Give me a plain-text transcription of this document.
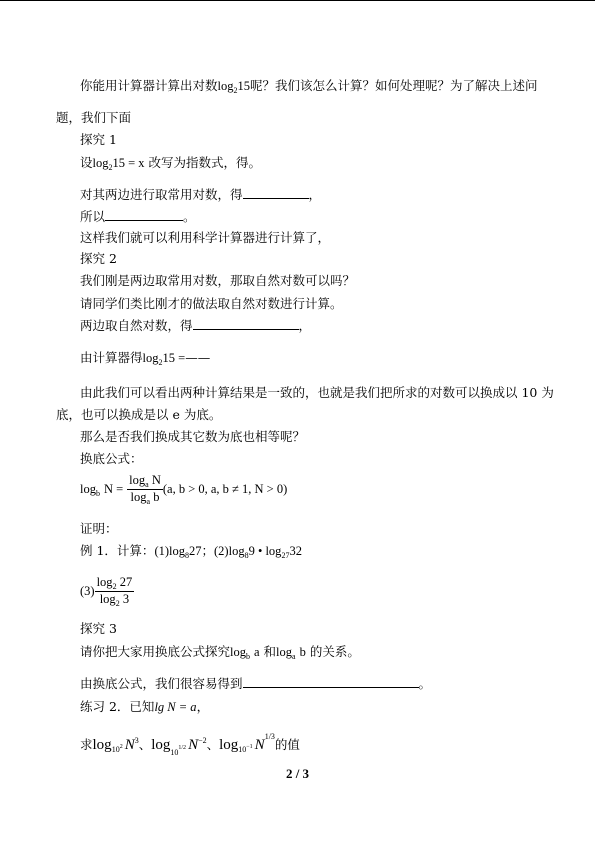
你能用计算器计算出对数$\log_215$呢？我们该怎么计算？如何处理呢？为了解决上述问
题，我们下面
探究 1
设$\log_215 = x$ 改写为指数式，得。
对其两边进行取常用对数，得	，
所以	。
这样我们就可以利用科学计算器进行计算了，
探究 2
我们刚是两边取常用对数，那取自然对数可以吗？
请同学们类比刚才的做法取自然对数进行计算。
两边取自然对数，得	，
由计算器得$\log_215$ =——
由此我们可以看出两种计算结果是一致的，也就是我们把所求的对数可以换成以 10 为
底，也可以换成是以 e 为底。
那么是否我们换成其它数为底也相等呢？
换底公式：
$\log_b N = \frac{\log_a N}{\log_a b} (a$, b > 0, a, b ≠ 1, N > 0)
证明：
例 1．计算：$(1)\log_827$；$(2)\log_89$ • $\log_{27}32$
$(3) \frac{\log_2 27}{\log_2 3}$
探究 3
请你把大家用换底公式探究$\log_b a$ 和$\log_a b$ 的关系。
由换底公式，我们很容易得到	。
练习 2．已知lg N = a，
求$\log_{10}2$ $N^3$、$\log_{10}1/2$ $N^{-2}$、$\log_{10}-1$ $N^{1/3}$的值
2 / 3
